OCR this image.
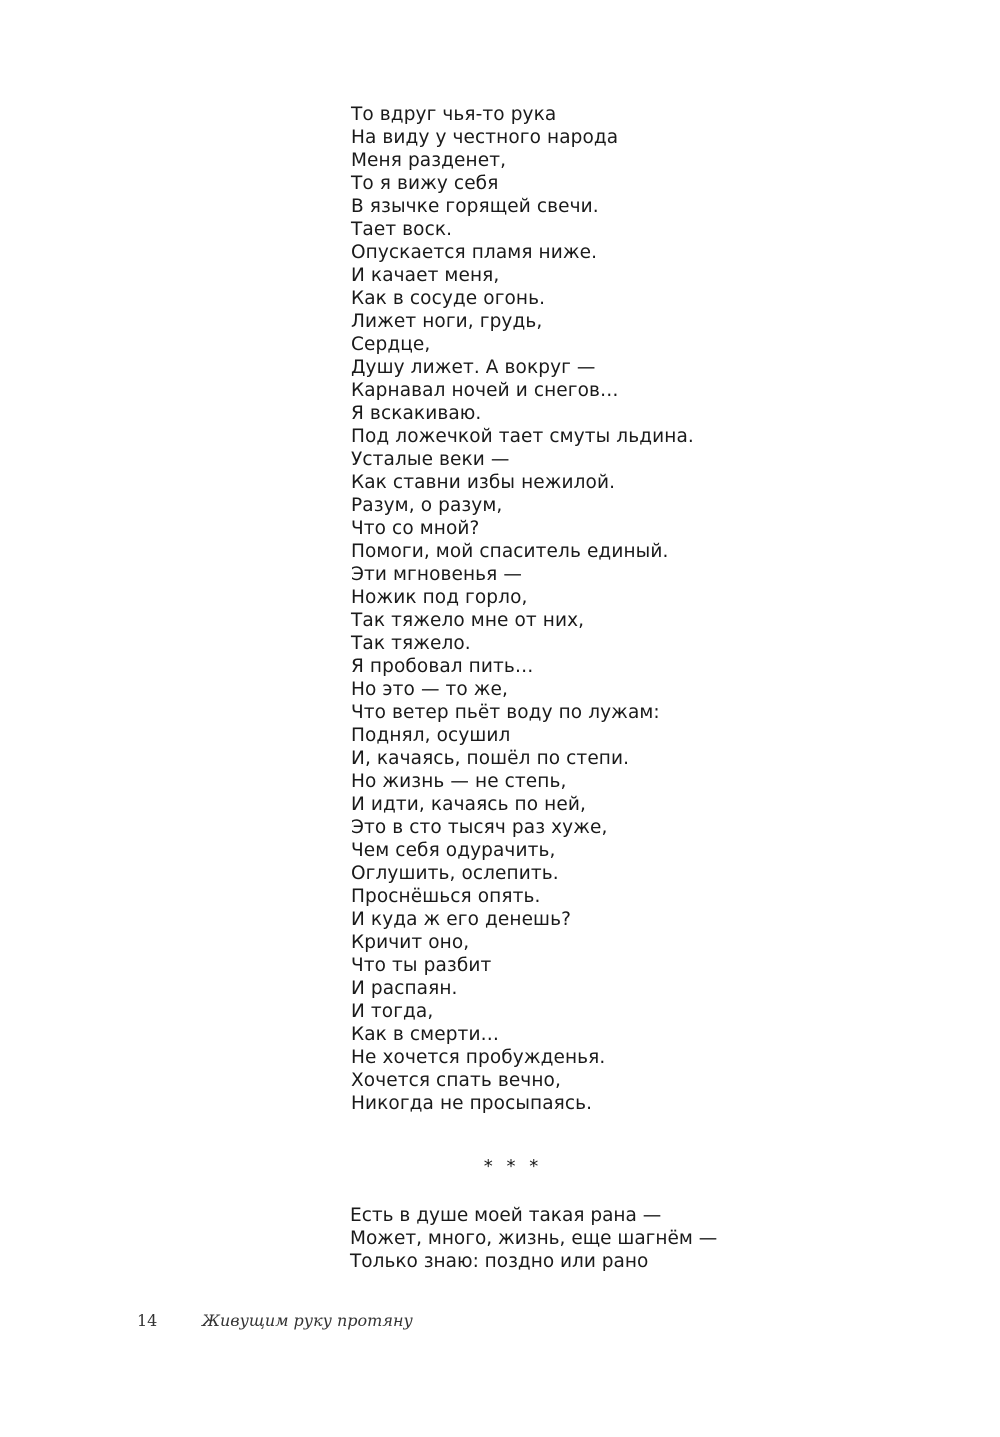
То вдруг чья-то рука
На виду у честного народа
Меня разденет,
То я вижу себя
В язычке горящей свечи.
Тает воск.
Опускается пламя ниже.
И качает меня,
Как в сосуде огонь.
Лижет ноги, грудь,
Сердце,
Душу лижет. А вокруг —
Карнавал ночей и снегов…
Я вскакиваю.
Под ложечкой тает смуты льдина.
Усталые веки —
Как ставни избы нежилой.
Разум, о разум,
Что со мной?
Помоги, мой спаситель единый.
Эти мгновенья —
Ножик под горло,
Так тяжело мне от них,
Так тяжело.
Я пробовал пить…
Но это — то же,
Что ветер пьёт воду по лужам:
Поднял, осушил
И, качаясь, пошёл по степи.
Но жизнь — не степь,
И идти, качаясь по ней,
Это в сто тысяч раз хуже,
Чем себя одурачить,
Оглушить, ослепить.
Проснёшься опять.
И куда ж его денешь?
Кричит оно,
Что ты разбит
И распаян.
И тогда,
Как в смерти…
Не хочется пробужденья.
Хочется спать вечно,
Никогда не просыпаясь.
* * *
Есть в душе моей такая рана —
Может, много, жизнь, еще шагнём —
Только знаю: поздно или рано
14	Живущим руку протяну
